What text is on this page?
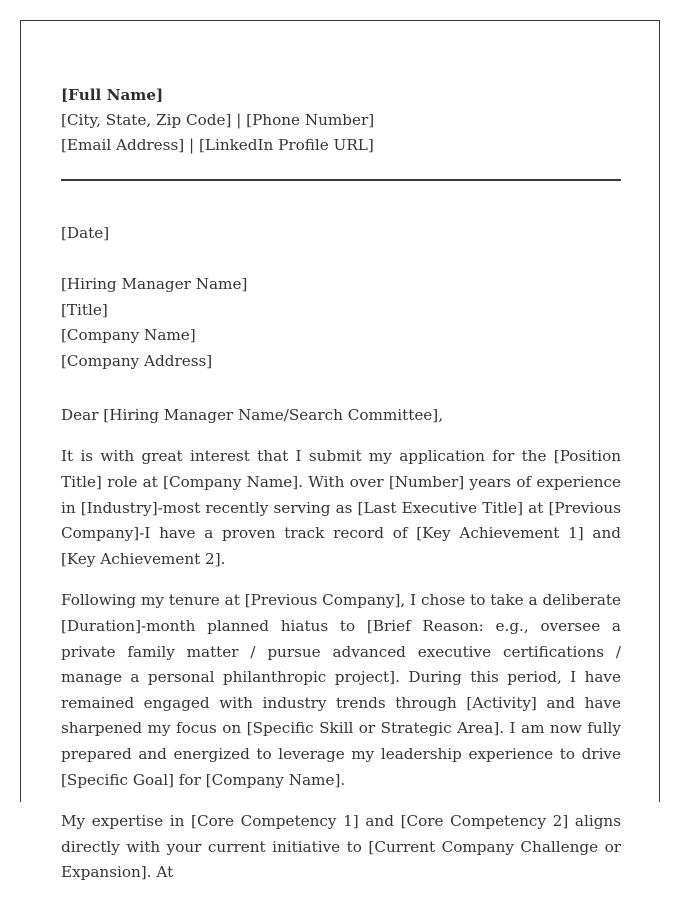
[Full Name]
[City, State, Zip Code] | [Phone Number]
[Email Address] | [LinkedIn Profile URL]
[Date]
[Hiring Manager Name]
[Title]
[Company Name]
[Company Address]
Dear [Hiring Manager Name/Search Committee],

It is with great interest that I submit my application for the [Position Title] role at [Company Name]. With over [Number] years of experience in [Industry]-most recently serving as [Last Executive Title] at [Previous Company]-I have a proven track record of [Key Achievement 1] and [Key Achievement 2].

Following my tenure at [Previous Company], I chose to take a deliberate [Duration]-month planned hiatus to [Brief Reason: e.g., oversee a private family matter / pursue advanced executive certifications / manage a personal philanthropic project]. During this period, I have remained engaged with industry trends through [Activity] and have sharpened my focus on [Specific Skill or Strategic Area]. I am now fully prepared and energized to leverage my leadership experience to drive [Specific Goal] for [Company Name].

My expertise in [Core Competency 1] and [Core Competency 2] aligns directly with your current initiative to [Current Company Challenge or Expansion]. At
